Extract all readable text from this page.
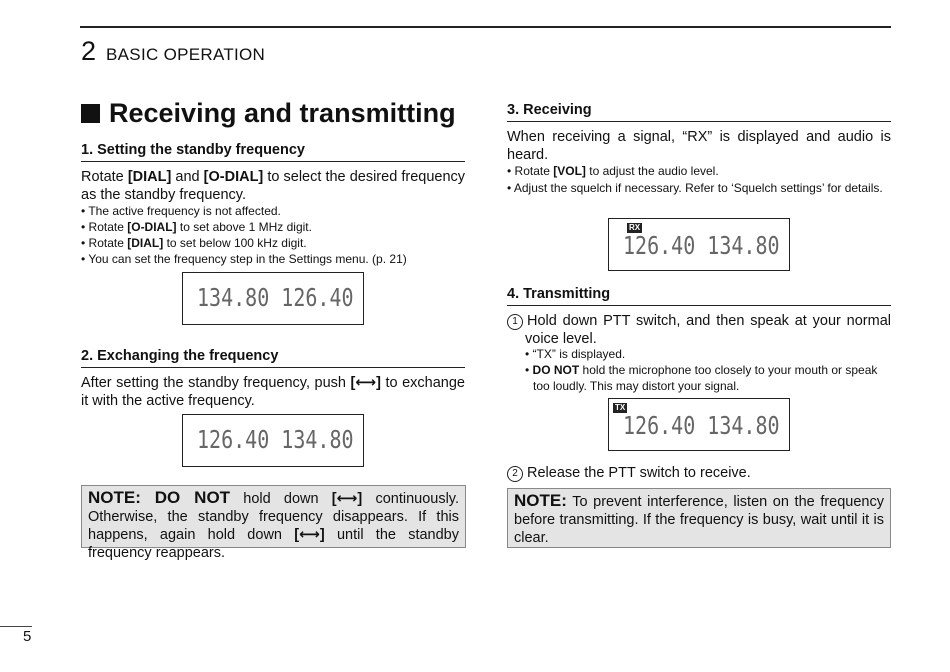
2 BASIC OPERATION
Receiving and transmitting
1. Setting the standby frequency
Rotate [DIAL] and [O-DIAL] to select the desired frequency as the standby frequency.

• The active frequency is not affected.

• Rotate [O-DIAL] to set above 1 MHz digit.

• Rotate [DIAL] to set below 100 kHz digit.

• You can set the frequency step in the Settings menu. (p. 21)

134.80 126.40
2. Exchanging the frequency
After setting the standby frequency, push [⟷] to exchange it with the active frequency.
126.40 134.80
NOTE: DO NOT hold down [⟷] continuously. Otherwise, the standby frequency disappears. If this happens, again hold down [⟷] until the standby frequency reappears.
3. Receiving
When receiving a signal, “RX” is displayed and audio is heard.

• Rotate [VOL] to adjust the audio level.

• Adjust the squelch if necessary. Refer to ‘Squelch settings’ for details.

RX
126.40 134.80
4. Transmitting
1 Hold down PTT switch, and then speak at your normal voice level.

• “TX” is displayed.

• DO NOT hold the microphone too closely to your mouth or speak too loudly. This may distort your signal.

TX
126.40 134.80
2 Release the PTT switch to receive.
NOTE: To prevent interference, listen on the frequency before transmitting. If the frequency is busy, wait until it is clear.
5
